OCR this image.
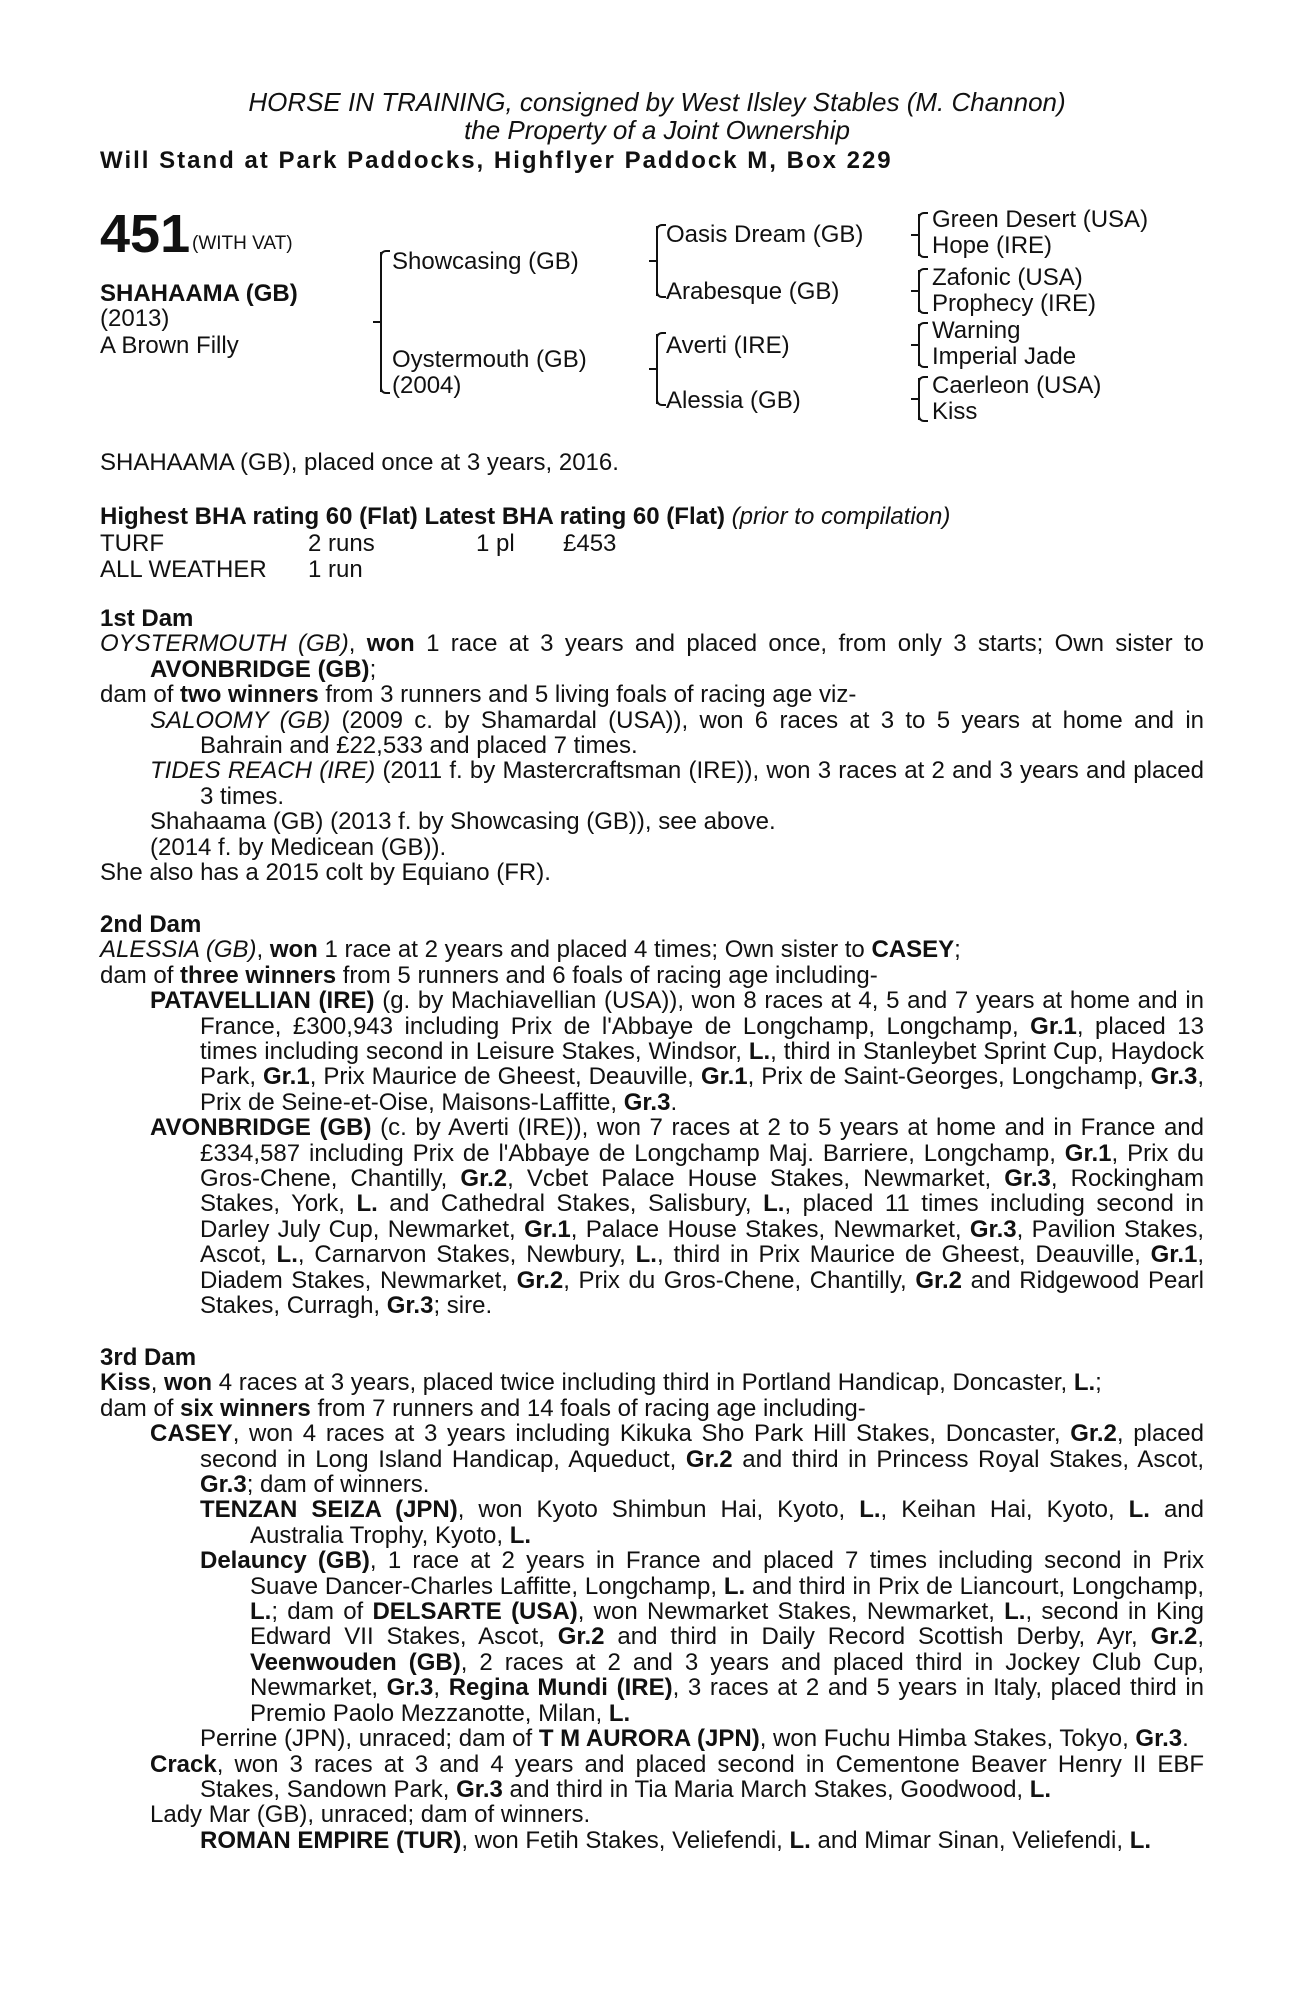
HORSE IN TRAINING, consigned by West Ilsley Stables (M. Channon)
the Property of a Joint Ownership
Will Stand at Park Paddocks, Highflyer Paddock M, Box 229
451 (WITH VAT)
SHAHAAMA (GB)
(2013)
A Brown Filly
Showcasing (GB)
Oystermouth (GB)
(2004)
Oasis Dream (GB)
Arabesque (GB)
Averti (IRE)
Alessia (GB)
Green Desert (USA)
Hope (IRE)
Zafonic (USA)
Prophecy (IRE)
Warning
Imperial Jade
Caerleon (USA)
Kiss
SHAHAAMA (GB), placed once at 3 years, 2016.
Highest BHA rating 60 (Flat) Latest BHA rating 60 (Flat) (prior to compilation)
TURF	2 runs	1 pl £453
ALL WEATHER 1 run

1st Dam

OYSTERMOUTH (GB), won 1 race at 3 years and placed once, from only 3 starts; Own sister to AVONBRIDGE (GB);

dam of two winners from 3 runners and 5 living foals of racing age viz-

SALOOMY (GB) (2009 c. by Shamardal (USA)), won 6 races at 3 to 5 years at home and in Bahrain and £22,533 and placed 7 times.

TIDES REACH (IRE) (2011 f. by Mastercraftsman (IRE)), won 3 races at 2 and 3 years and placed 3 times.

Shahaama (GB) (2013 f. by Showcasing (GB)), see above.

(2014 f. by Medicean (GB)).

She also has a 2015 colt by Equiano (FR).

2nd Dam

ALESSIA (GB), won 1 race at 2 years and placed 4 times; Own sister to CASEY;

dam of three winners from 5 runners and 6 foals of racing age including-

PATAVELLIAN (IRE) (g. by Machiavellian (USA)), won 8 races at 4, 5 and 7 years at home and in France, £300,943 including Prix de l'Abbaye de Longchamp, Longchamp, Gr.1, placed 13 times including second in Leisure Stakes, Windsor, L., third in Stanleybet Sprint Cup, Haydock Park, Gr.1, Prix Maurice de Gheest, Deauville, Gr.1, Prix de Saint-Georges, Longchamp, Gr.3, Prix de Seine-et-Oise, Maisons-Laffitte, Gr.3.

AVONBRIDGE (GB) (c. by Averti (IRE)), won 7 races at 2 to 5 years at home and in France and £334,587 including Prix de l'Abbaye de Longchamp Maj. Barriere, Longchamp, Gr.1, Prix du Gros-Chene, Chantilly, Gr.2, Vcbet Palace House Stakes, Newmarket, Gr.3, Rockingham Stakes, York, L. and Cathedral Stakes, Salisbury, L., placed 11 times including second in Darley July Cup, Newmarket, Gr.1, Palace House Stakes, Newmarket, Gr.3, Pavilion Stakes, Ascot, L., Carnarvon Stakes, Newbury, L., third in Prix Maurice de Gheest, Deauville, Gr.1, Diadem Stakes, Newmarket, Gr.2, Prix du Gros-Chene, Chantilly, Gr.2 and Ridgewood Pearl Stakes, Curragh, Gr.3; sire.

3rd Dam

Kiss, won 4 races at 3 years, placed twice including third in Portland Handicap, Doncaster, L.;

dam of six winners from 7 runners and 14 foals of racing age including-

CASEY, won 4 races at 3 years including Kikuka Sho Park Hill Stakes, Doncaster, Gr.2, placed second in Long Island Handicap, Aqueduct, Gr.2 and third in Princess Royal Stakes, Ascot, Gr.3; dam of winners.

TENZAN SEIZA (JPN), won Kyoto Shimbun Hai, Kyoto, L., Keihan Hai, Kyoto, L. and Australia Trophy, Kyoto, L.

Delauncy (GB), 1 race at 2 years in France and placed 7 times including second in Prix Suave Dancer-Charles Laffitte, Longchamp, L. and third in Prix de Liancourt, Longchamp, L.; dam of DELSARTE (USA), won Newmarket Stakes, Newmarket, L., second in King Edward VII Stakes, Ascot, Gr.2 and third in Daily Record Scottish Derby, Ayr, Gr.2, Veenwouden (GB), 2 races at 2 and 3 years and placed third in Jockey Club Cup, Newmarket, Gr.3, Regina Mundi (IRE), 3 races at 2 and 5 years in Italy, placed third in Premio Paolo Mezzanotte, Milan, L.

Perrine (JPN), unraced; dam of T M AURORA (JPN), won Fuchu Himba Stakes, Tokyo, Gr.3.

Crack, won 3 races at 3 and 4 years and placed second in Cementone Beaver Henry II EBF Stakes, Sandown Park, Gr.3 and third in Tia Maria March Stakes, Goodwood, L.

Lady Mar (GB), unraced; dam of winners.

ROMAN EMPIRE (TUR), won Fetih Stakes, Veliefendi, L. and Mimar Sinan, Veliefendi, L.
